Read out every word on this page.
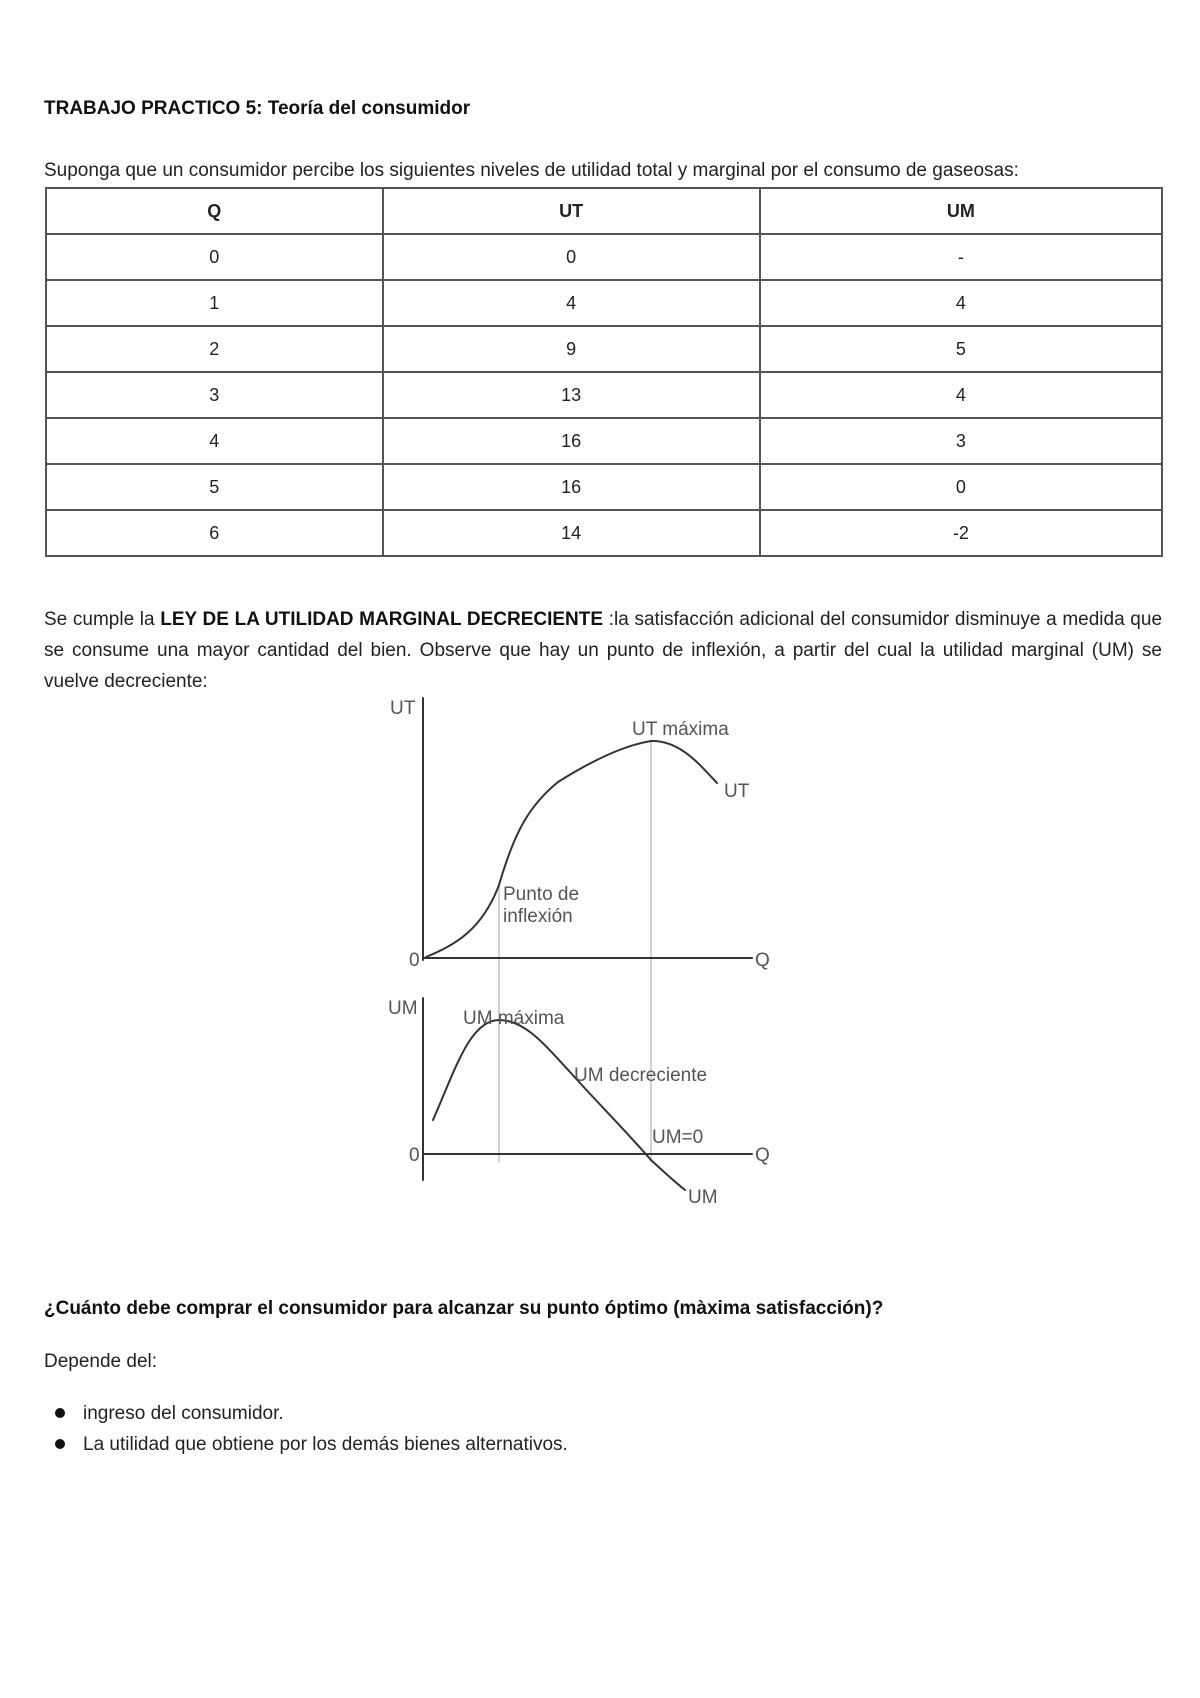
TRABAJO PRACTICO 5: Teoría del consumidor
Suponga que un consumidor percibe los siguientes niveles de utilidad total y marginal por el consumo de gaseosas:
Q	UT	UM
0	0	-
1	4	4
2	9	5
3	13	4
4	16	3
5	16	0
6	14	-2
Se cumple la LEY DE LA UTILIDAD MARGINAL DECRECIENTE :la satisfacción adicional del consumidor disminuye a medida que se consume una mayor cantidad del bien. Observe que hay un punto de inflexión, a partir del cual la utilidad marginal (UM) se vuelve decreciente:
UT
UT máxima
UT
Punto de
inflexión
0	Q
UM UM máxima
UM decreciente
UM=0
0	Q
UM
¿Cuánto debe comprar el consumidor para alcanzar su punto óptimo (màxima satisfacción)?
Depende del:
ingreso del consumidor.
La utilidad que obtiene por los demás bienes alternativos.
